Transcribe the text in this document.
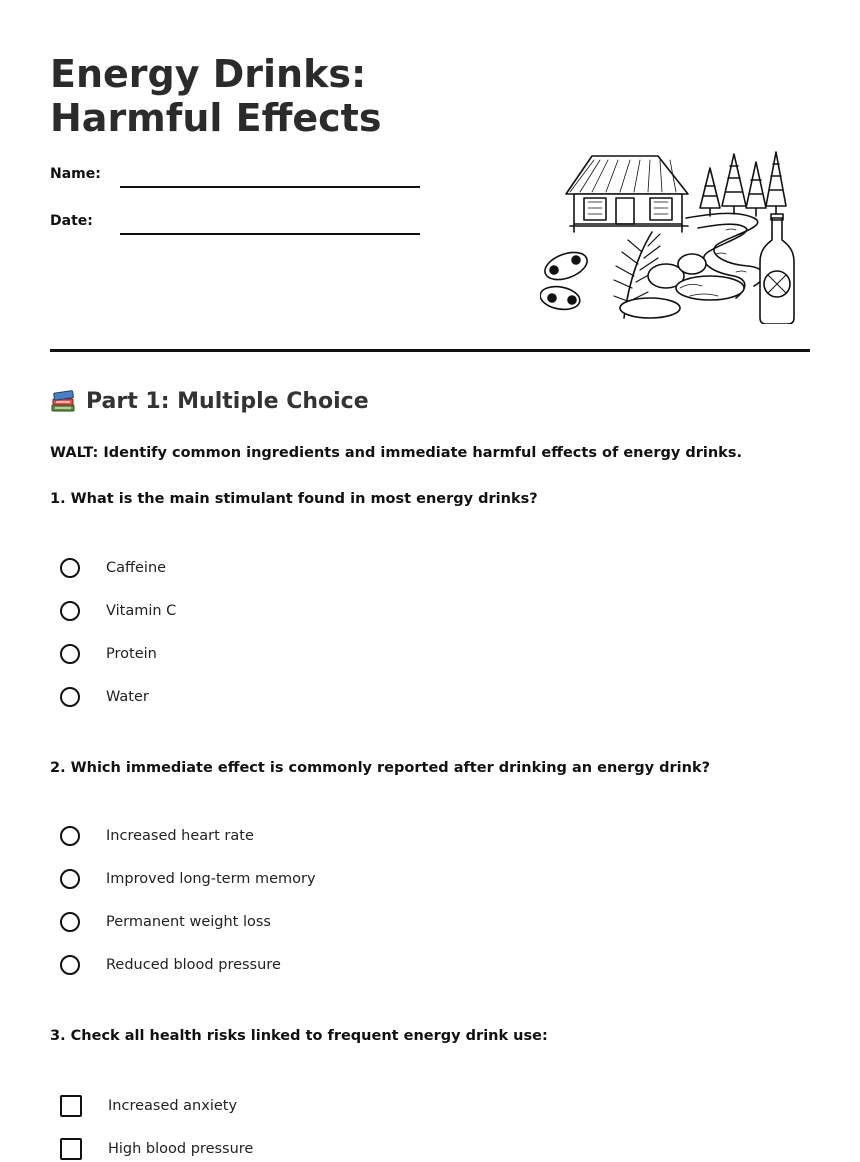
Energy Drinks: Harmful Effects
Name:
Date:
Part 1: Multiple Choice
WALT: Identify common ingredients and immediate harmful effects of energy drinks.
1. What is the main stimulant found in most energy drinks?
Caffeine
Vitamin C
Protein
Water
2. Which immediate effect is commonly reported after drinking an energy drink?
Increased heart rate
Improved long-term memory
Permanent weight loss
Reduced blood pressure
3. Check all health risks linked to frequent energy drink use:
Increased anxiety
High blood pressure
